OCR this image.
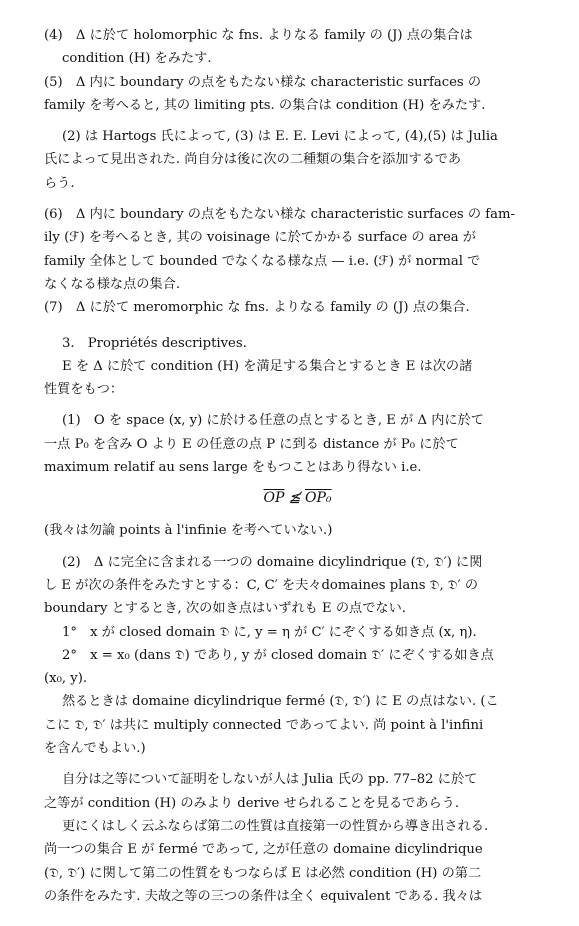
(4)　Δ に於て holomorphic な fns. よりなる family の (J) 点の集合は

condition (H) をみたす.

(5)　Δ 内に boundary の点をもたない様な characteristic surfaces の

family を考へると, 其の limiting pts. の集合は condition (H) をみたす.

(2) は Hartogs 氏によって, (3) は E. E. Levi によって, (4),(5) は Julia

氏によって見出された. 尚自分は後に次の二種類の集合を添加するであ

らう.

(6)　Δ 内に boundary の点をもたない様な characteristic surfaces の fam-

ily (ℱ) を考へるとき, 其の voisinage に於てかかる surface の area が

family 全体として bounded でなくなる様な点 — i.e. (ℱ) が normal で

なくなる様な点の集合.

(7)　Δ に於て meromorphic な fns. よりなる family の (J) 点の集合.

3.　Propriétés descriptives.

E を Δ に於て condition (H) を満足する集合とするとき E は次の諸

性質をもつ：

(1)　O を space (x, y) に於ける任意の点とするとき, E が Δ 内に於て

一点 P₀ を含み O より E の任意の点 P に到る distance が P₀ に於て

maximum relatif au sens large をもつことはあり得ない i.e.

$\overline{OP}$ ≦̸ OP₀

(我々は勿論 points à l'infinie を考へていない.)

(2)　Δ に完全に含まれる一つの domaine dicylindrique (𝔇, 𝔇′) に関

し E が次の条件をみたすとする：C, C′ を夫々domaines plans 𝔇, 𝔇′ の

boundary とするとき, 次の如き点はいずれも E の点でない.

1°　x が closed domain 𝔇 に, y = η が C′ にぞくする如き点 (x, η).

2°　x = x₀ (dans 𝔇) であり, y が closed domain 𝔇′ にぞくする如き点

(x₀, y).

然るときは domaine dicylindrique fermé (𝔇, 𝔇′) に E の点はない. (こ

こに 𝔇, 𝔇′ は共に multiply connected であってよい. 尚 point à l'infini

を含んでもよい.)

自分は之等について証明をしないが人は Julia 氏の pp. 77–82 に於て

之等が condition (H) のみより derive せられることを見るであらう.

更にくはしく云ふならば第二の性質は直接第一の性質から導き出される.

尚一つの集合 E が fermé であって, 之が任意の domaine dicylindrique

(𝔇, 𝔇′) に関して第二の性質をもつならば E は必然 condition (H) の第二

の条件をみたす. 夫故之等の三つの条件は全く equivalent である. 我々は
